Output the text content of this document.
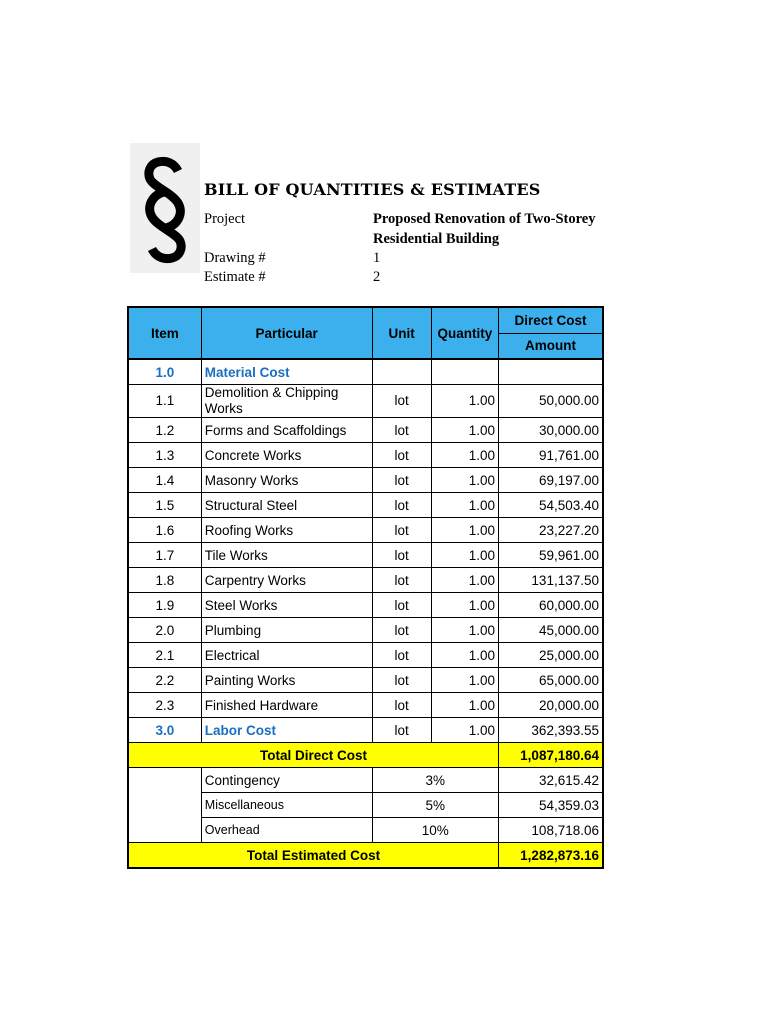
BILL OF QUANTITIES & ESTIMATES
Project	Proposed Renovation of Two-Storey
Residential Building
Drawing #	1
Estimate #	2
Item	Particular	Unit	Quantity	Direct Cost
				Amount
1.0	Material Cost			
1.1	Demolition & Chipping Works	lot	1.00	50,000.00
1.2	Forms and Scaffoldings	lot	1.00	30,000.00
1.3	Concrete Works	lot	1.00	91,761.00
1.4	Masonry Works	lot	1.00	69,197.00
1.5	Structural Steel	lot	1.00	54,503.40
1.6	Roofing Works	lot	1.00	23,227.20
1.7	Tile Works	lot	1.00	59,961.00
1.8	Carpentry Works	lot	1.00	131,137.50
1.9	Steel Works	lot	1.00	60,000.00
2.0	Plumbing	lot	1.00	45,000.00
2.1	Electrical	lot	1.00	25,000.00
2.2	Painting Works	lot	1.00	65,000.00
2.3	Finished Hardware	lot	1.00	20,000.00
3.0	Labor Cost	lot	1.00	362,393.55
Total Direct Cost				1,087,180.64
	Contingency	3%		32,615.42
	Miscellaneous	5%		54,359.03
	Overhead	10%		108,718.06
Total Estimated Cost				1,282,873.16
